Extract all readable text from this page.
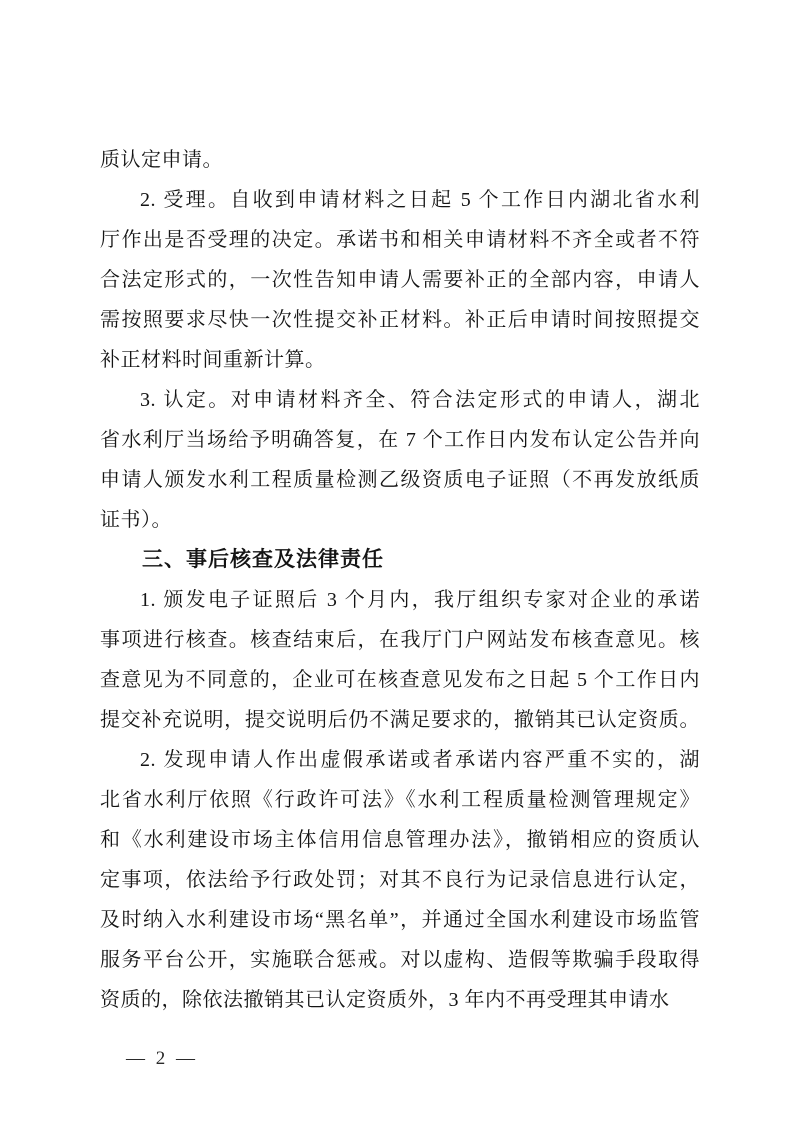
质认定申请。
2. 受理。自收到申请材料之日起 5 个工作日内湖北省水利
厅作出是否受理的决定。承诺书和相关申请材料不齐全或者不符
合法定形式的，一次性告知申请人需要补正的全部内容，申请人
需按照要求尽快一次性提交补正材料。补正后申请时间按照提交
补正材料时间重新计算。
3. 认定。对申请材料齐全、符合法定形式的申请人，湖北
省水利厅当场给予明确答复，在 7 个工作日内发布认定公告并向
申请人颁发水利工程质量检测乙级资质电子证照（不再发放纸质
证书）。
三、事后核查及法律责任
1. 颁发电子证照后 3 个月内，我厅组织专家对企业的承诺
事项进行核查。核查结束后，在我厅门户网站发布核查意见。核
查意见为不同意的，企业可在核查意见发布之日起 5 个工作日内
提交补充说明，提交说明后仍不满足要求的，撤销其已认定资质。
2. 发现申请人作出虚假承诺或者承诺内容严重不实的，湖
北省水利厅依照《行政许可法》《水利工程质量检测管理规定》
和《水利建设市场主体信用信息管理办法》，撤销相应的资质认
定事项，依法给予行政处罚；对其不良行为记录信息进行认定，
及时纳入水利建设市场“黑名单”，并通过全国水利建设市场监管
服务平台公开，实施联合惩戒。对以虚构、造假等欺骗手段取得
资质的，除依法撤销其已认定资质外，3 年内不再受理其申请水
— 2 —
